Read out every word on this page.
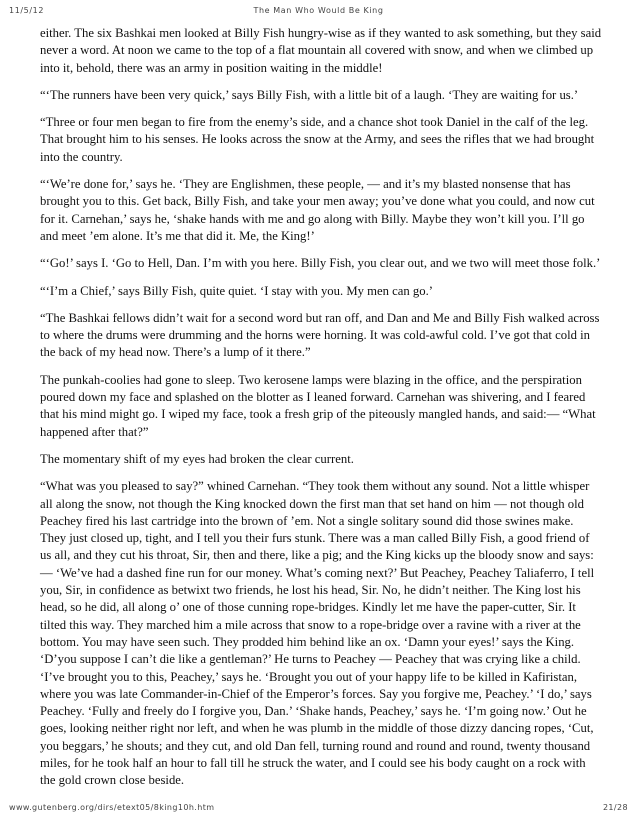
11/5/12	The Man Who Would Be King

either. The six Bashkai men looked at Billy Fish hungry-wise as if they wanted to ask something, but they said never a word. At noon we came to the top of a flat mountain all covered with snow, and when we climbed up into it, behold, there was an army in position waiting in the middle!

“‘The runners have been very quick,’ says Billy Fish, with a little bit of a laugh. ‘They are waiting for us.’

“Three or four men began to fire from the enemy’s side, and a chance shot took Daniel in the calf of the leg. That brought him to his senses. He looks across the snow at the Army, and sees the rifles that we had brought into the country.

“‘We’re done for,’ says he. ‘They are Englishmen, these people, — and it’s my blasted nonsense that has brought you to this. Get back, Billy Fish, and take your men away; you’ve done what you could, and now cut for it. Carnehan,’ says he, ‘shake hands with me and go along with Billy. Maybe they won’t kill you. I’ll go and meet ’em alone. It’s me that did it. Me, the King!’

“‘Go!’ says I. ‘Go to Hell, Dan. I’m with you here. Billy Fish, you clear out, and we two will meet those folk.’

“‘I’m a Chief,’ says Billy Fish, quite quiet. ‘I stay with you. My men can go.’

“The Bashkai fellows didn’t wait for a second word but ran off, and Dan and Me and Billy Fish walked across to where the drums were drumming and the horns were horning. It was cold-awful cold. I’ve got that cold in the back of my head now. There’s a lump of it there.”

The punkah-coolies had gone to sleep. Two kerosene lamps were blazing in the office, and the perspiration poured down my face and splashed on the blotter as I leaned forward. Carnehan was shivering, and I feared that his mind might go. I wiped my face, took a fresh grip of the piteously mangled hands, and said:— “What happened after that?”

The momentary shift of my eyes had broken the clear current.

“What was you pleased to say?” whined Carnehan. “They took them without any sound. Not a little whisper all along the snow, not though the King knocked down the first man that set hand on him — not though old Peachey fired his last cartridge into the brown of ’em. Not a single solitary sound did those swines make. They just closed up, tight, and I tell you their furs stunk. There was a man called Billy Fish, a good friend of us all, and they cut his throat, Sir, then and there, like a pig; and the King kicks up the bloody snow and says:— ‘We’ve had a dashed fine run for our money. What’s coming next?’ But Peachey, Peachey Taliaferro, I tell you, Sir, in confidence as betwixt two friends, he lost his head, Sir. No, he didn’t neither. The King lost his head, so he did, all along o’ one of those cunning rope-bridges. Kindly let me have the paper-cutter, Sir. It tilted this way. They marched him a mile across that snow to a rope-bridge over a ravine with a river at the bottom. You may have seen such. They prodded him behind like an ox. ‘Damn your eyes!’ says the King. ‘D’you suppose I can’t die like a gentleman?’ He turns to Peachey — Peachey that was crying like a child. ‘I’ve brought you to this, Peachey,’ says he. ‘Brought you out of your happy life to be killed in Kafiristan, where you was late Commander-in-Chief of the Emperor’s forces. Say you forgive me, Peachey.’ ‘I do,’ says Peachey. ‘Fully and freely do I forgive you, Dan.’ ‘Shake hands, Peachey,’ says he. ‘I’m going now.’ Out he goes, looking neither right nor left, and when he was plumb in the middle of those dizzy dancing ropes, ‘Cut, you beggars,’ he shouts; and they cut, and old Dan fell, turning round and round and round, twenty thousand miles, for he took half an hour to fall till he struck the water, and I could see his body caught on a rock with the gold crown close beside.

www.gutenberg.org/dirs/etext05/8king10h.htm	21/28
